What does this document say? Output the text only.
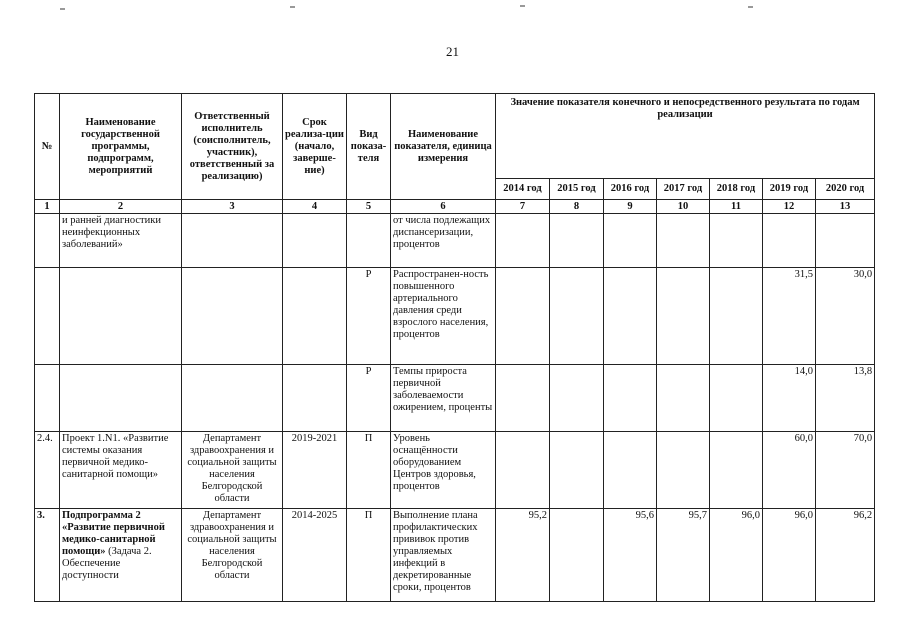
21
№	Наименование государственной программы, подпрограмм, мероприятий	Ответственный исполнитель (соисполнитель, участник), ответственный за реализацию)	Срок реализа-ции (начало, заверше-ние)	Вид показа-теля	Наименование показателя, единица измерения	Значение показателя конечного и непосредственного результата по годам реализации						
						2014 год	2015 год	2016 год	2017 год	2018 год	2019 год	2020 год
1	2	3	4	5	6	7	8	9	10	11	12	13
	и ранней диагностики неинфекционных заболеваний»				от числа подлежащих диспансеризации, процентов							
				Р	Распространен-ность повышенного артериального давления среди взрослого населения, процентов						31,5	30,0
				Р	Темпы прироста первичной заболеваемости ожирением, проценты						14,0	13,8
2.4.	Проект 1.N1. «Развитие системы оказания первичной медико-санитарной помощи»	Департамент здравоохранения и социальной защиты населения Белгородской области	2019-2021	П	Уровень оснащённости оборудованием Центров здоровья, процентов						60,0	70,0
3.	Подпрограмма 2 «Развитие первичной медико-санитарной помощи» (Задача 2. Обеспечение доступности	Департамент здравоохранения и социальной защиты населения Белгородской области	2014-2025	П	Выполнение плана профилактических прививок против управляемых инфекций в декретированные сроки, процентов	95,2		95,6	95,7	96,0	96,0	96,2
